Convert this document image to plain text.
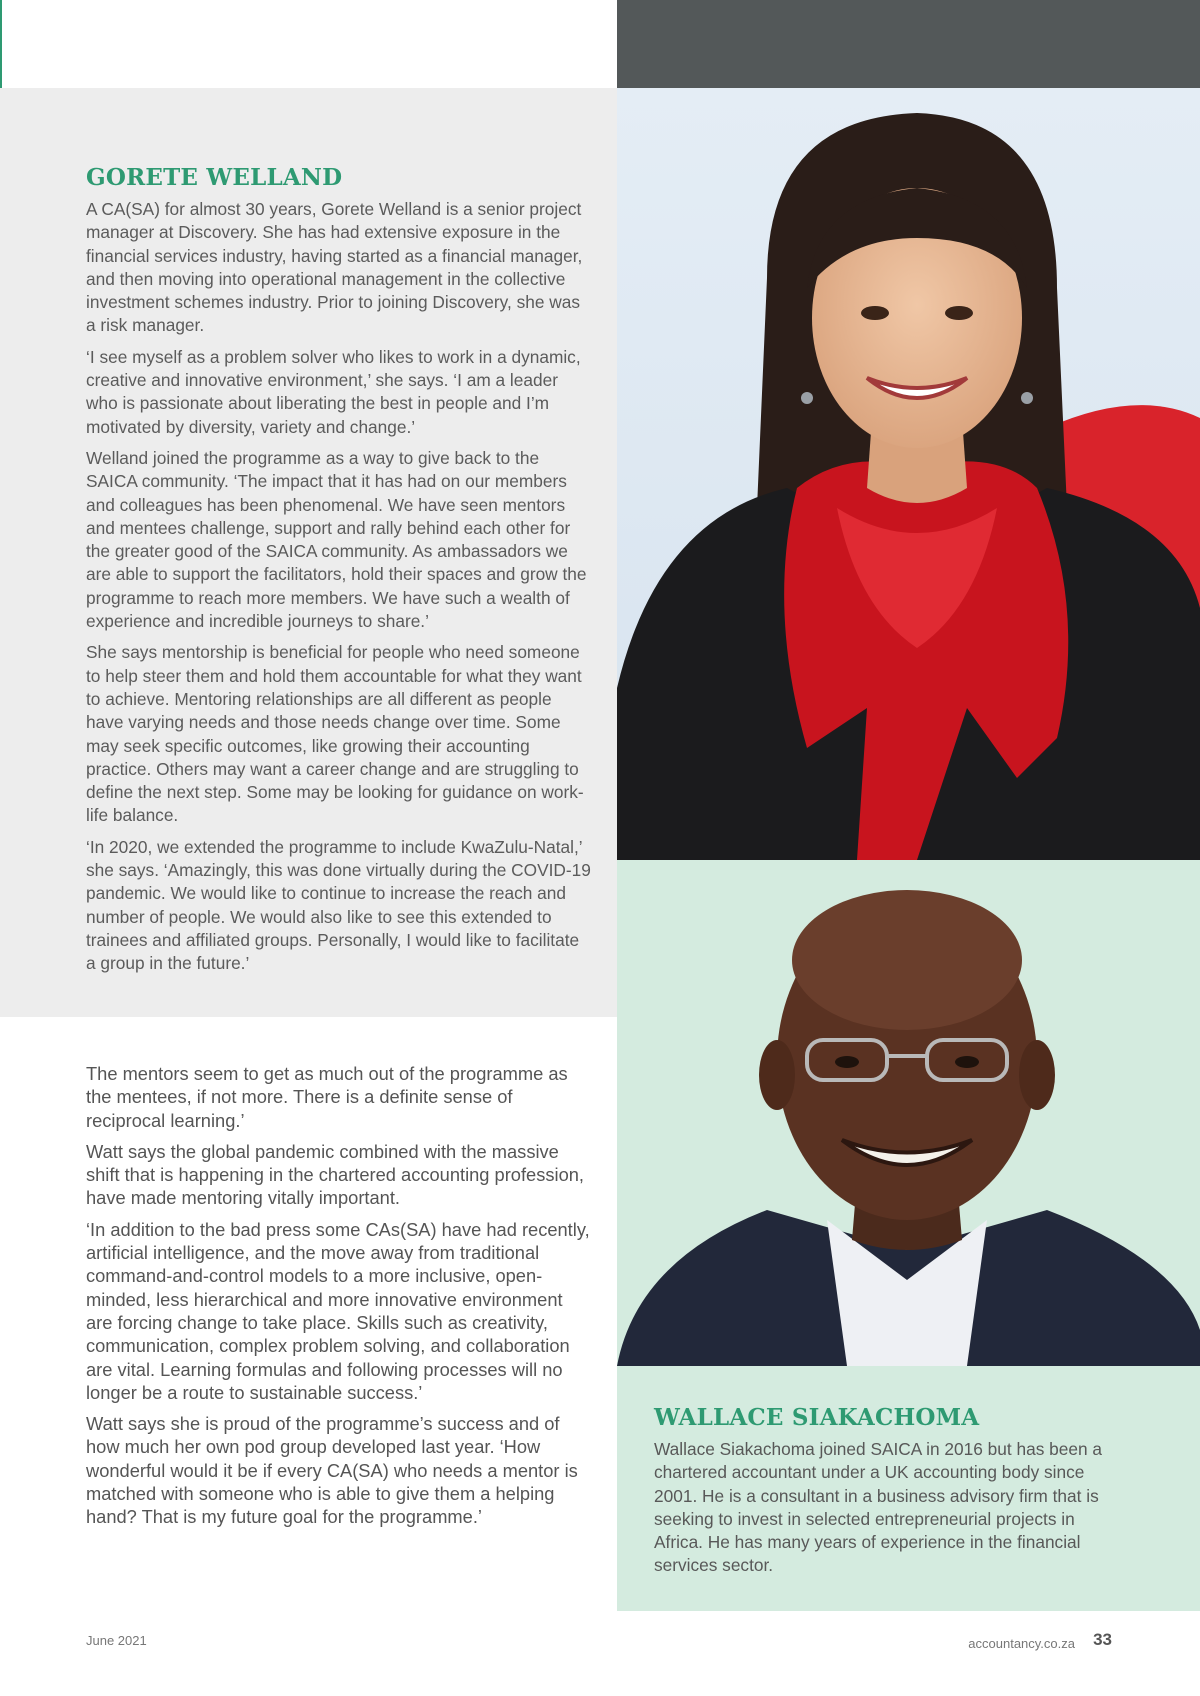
GORETE WELLAND

A CA(SA) for almost 30 years, Gorete Welland is a senior project manager at Discovery. She has had extensive exposure in the financial services industry, having started as a financial manager, and then moving into operational management in the collective investment schemes industry. Prior to joining Discovery, she was a risk manager.

‘I see myself as a problem solver who likes to work in a dynamic, creative and innovative environment,’ she says. ‘I am a leader who is passionate about liberating the best in people and I’m motivated by diversity, variety and change.’

Welland joined the programme as a way to give back to the SAICA community. ‘The impact that it has had on our members and colleagues has been phenomenal. We have seen mentors and mentees challenge, support and rally behind each other for the greater good of the SAICA community. As ambassadors we are able to support the facilitators, hold their spaces and grow the programme to reach more members. We have such a wealth of experience and incredible journeys to share.’

She says mentorship is beneficial for people who need someone to help steer them and hold them accountable for what they want to achieve. Mentoring relationships are all different as people have varying needs and those needs change over time. Some may seek specific outcomes, like growing their accounting practice. Others may want a career change and are struggling to define the next step. Some may be looking for guidance on work-life balance.

‘In 2020, we extended the programme to include KwaZulu-Natal,’ she says. ‘Amazingly, this was done virtually during the COVID-19 pandemic. We would like to continue to increase the reach and number of people. We would also like to see this extended to trainees and affiliated groups. Personally, I would like to facilitate a group in the future.’

WALLACE SIAKACHOMA

Wallace Siakachoma joined SAICA in 2016 but has been a chartered accountant under a UK accounting body since 2001. He is a consultant in a business advisory firm that is seeking to invest in selected entrepreneurial projects in Africa. He has many years of experience in the financial services sector.

The mentors seem to get as much out of the programme as the mentees, if not more. There is a definite sense of reciprocal learning.’

Watt says the global pandemic combined with the massive shift that is happening in the chartered accounting profession, have made mentoring vitally important.

‘In addition to the bad press some CAs(SA) have had recently, artificial intelligence, and the move away from traditional command-and-control models to a more inclusive, open-minded, less hierarchical and more innovative environment are forcing change to take place. Skills such as creativity, communication, complex problem solving, and collaboration are vital. Learning formulas and following processes will no longer be a route to sustainable success.’

Watt says she is proud of the programme’s success and of how much her own pod group developed last year. ‘How wonderful would it be if every CA(SA) who needs a mentor is matched with someone who is able to give them a helping hand? That is my future goal for the programme.’

June 2021	accountancy.co.za 33
